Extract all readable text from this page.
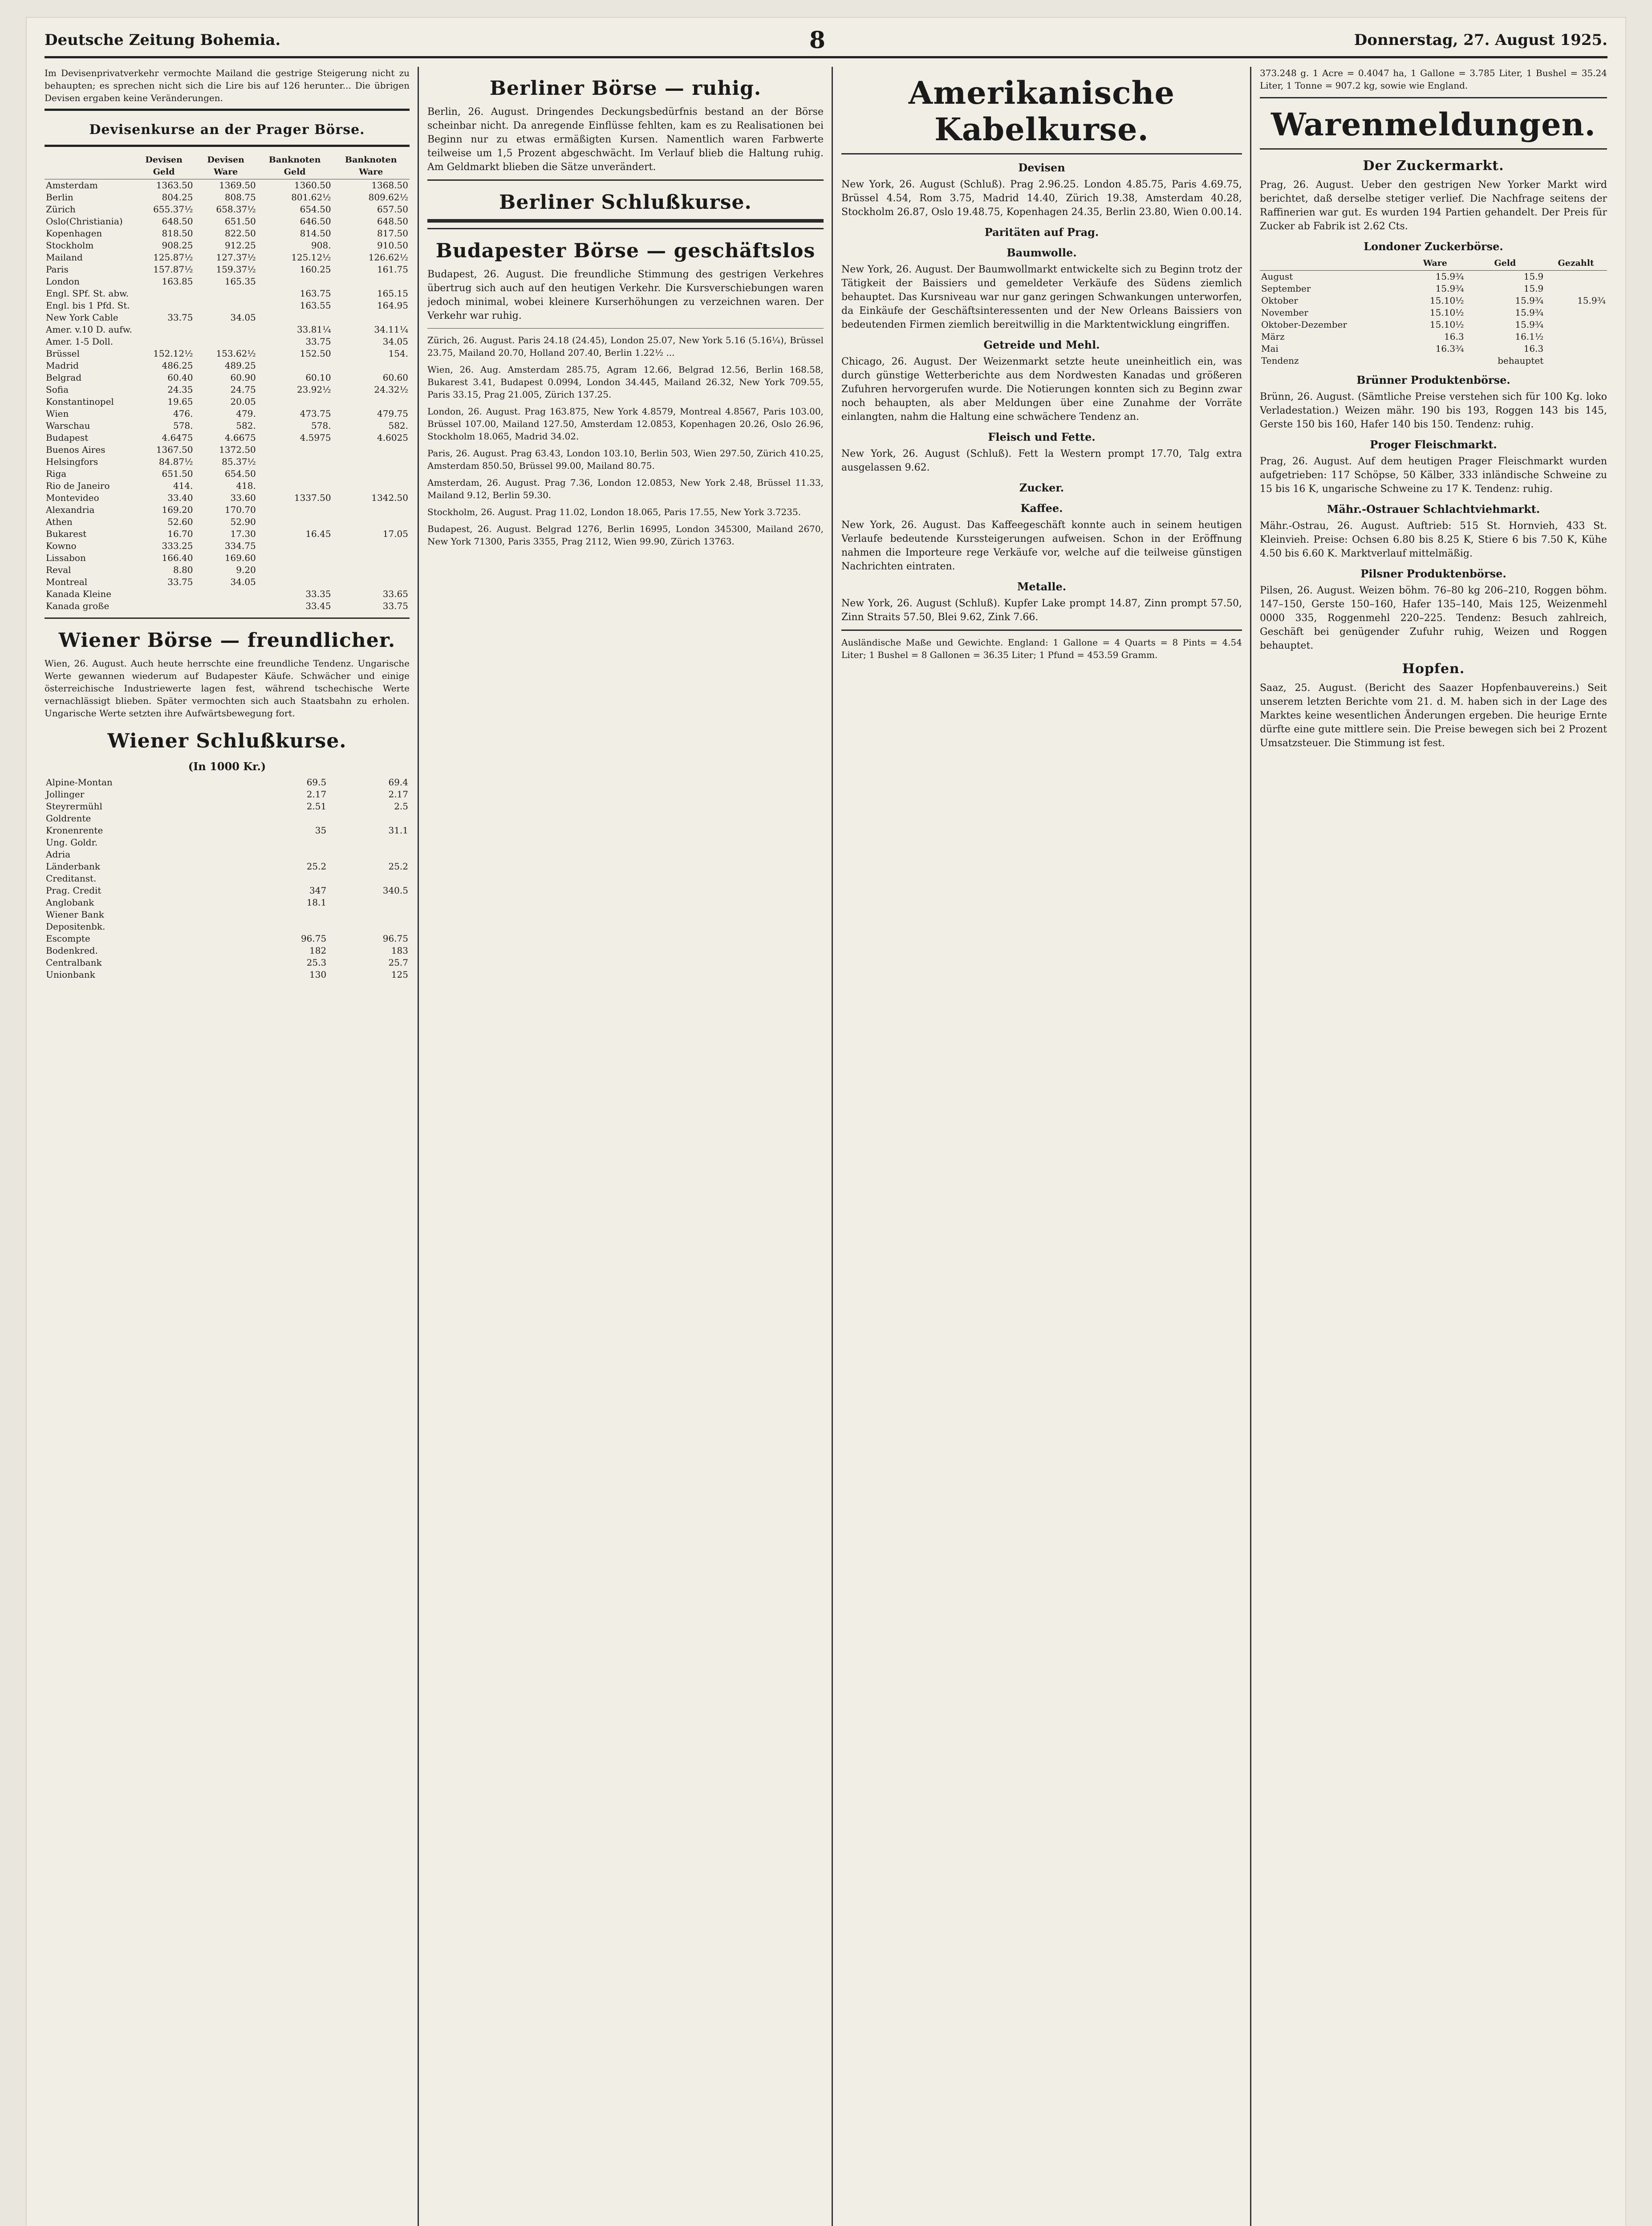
Deutsche Zeitung Bohemia.	8	Donnerstag, 27. August 1925.

Im Devisenprivatverkehr vermochte Mailand die gestrige Steigerung nicht zu behaupten; es sprechen nicht sich die Lire bis auf 126 herunter... Die übrigen Devisen ergaben keine Veränderungen.

Devisenkurse an der Prager Börse.
	Devisen Geld	Devisen Ware	Banknoten Geld	Banknoten Ware
Amsterdam	1363.50	1369.50	1360.50	1368.50
Berlin	804.25	808.75	801.62½	809.62½
Zürich	655.37½	658.37½	654.50	657.50
Oslo(Christiania)	648.50	651.50	646.50	648.50
Kopenhagen	818.50	822.50	814.50	817.50
Stockholm	908.25	912.25	908.	910.50
Mailand	125.87½	127.37½	125.12½	126.62½
Paris	157.87½	159.37½	160.25	161.75
London	163.85	165.35		
Engl. SPf. St. abw.			163.75	165.15
Engl. bis 1 Pfd. St.			163.55	164.95
New York Cable	33.75	34.05		
Amer. v.10 D. aufw.			33.81¼	34.11¼
Amer. 1-5 Doll.			33.75	34.05
Brüssel	152.12½	153.62½	152.50	154.
Madrid	486.25	489.25		
Belgrad	60.40	60.90	60.10	60.60
Sofia	24.35	24.75	23.92½	24.32½
Konstantinopel	19.65	20.05		
Wien	476.	479.	473.75	479.75
Warschau	578.	582.	578.	582.
Budapest	4.6475	4.6675	4.5975	4.6025
Buenos Aires	1367.50	1372.50		
Helsingfors	84.87½	85.37½		
Riga	651.50	654.50		
Rio de Janeiro	414.	418.		
Montevideo	33.40	33.60	1337.50	1342.50
Alexandria	169.20	170.70		
Athen	52.60	52.90		
Bukarest	16.70	17.30	16.45	17.05
Kowno	333.25	334.75		
Lissabon	166.40	169.60		
Reval	8.80	9.20		
Montreal	33.75	34.05		
Kanada Kleine			33.35	33.65
Kanada große			33.45	33.75
Wiener Börse — freundlicher.

Wien, 26. August. Auch heute herrschte eine freundliche Tendenz. Ungarische Werte gewannen wiederum auf Budapester Käufe. Schwächer und einige österreichische Industriewerte lagen fest, während tschechische Werte vernachlässigt blieben. Später vermochten sich auch Staatsbahn zu erholen. Ungarische Werte setzten ihre Aufwärtsbewegung fort.

Wiener Schlußkurse.
(In 1000 Kr.)
Alpine-Montan	69.5	69.4
Jollinger	2.17	2.17
Steyrermühl	2.51	2.5
Goldrente		
Kronenrente	35	31.1
Ung. Goldr.		
Adria		
Länderbank	25.2	25.2
Creditanst.		
Prag. Credit	347	340.5
Anglobank	18.1	
Wiener Bank		
Depositenbk.		
Escompte	96.75	96.75
Bodenkred.	182	183
Centralbank	25.3	25.7
Unionbank	130	125
Berliner Börse — ruhig.

Berlin, 26. August. Dringendes Deckungsbedürfnis bestand an der Börse scheinbar nicht. Da anregende Einflüsse fehlten, kam es zu Realisationen bei Beginn nur zu etwas ermäßigten Kursen. Namentlich waren Farbwerte teilweise um 1,5 Prozent abgeschwächt. Im Verlauf blieb die Haltung ruhig. Am Geldmarkt blieben die Sätze unverändert.

Berliner Schlußkurse.
Budapester Börse — geschäftslos

Budapest, 26. August. Die freundliche Stimmung des gestrigen Verkehres übertrug sich auch auf den heutigen Verkehr. Die Kursverschiebungen waren jedoch minimal, wobei kleinere Kurserhöhungen zu verzeichnen waren. Der Verkehr war ruhig.

Zürich, 26. August. Paris 24.18 (24.45), London 25.07, New York 5.16 (5.16¼), Brüssel 23.75, Mailand 20.70, Holland 207.40, Berlin 1.22½ ...

Wien, 26. Aug. Amsterdam 285.75, Agram 12.66, Belgrad 12.56, Berlin 168.58, Bukarest 3.41, Budapest 0.0994, London 34.445, Mailand 26.32, New York 709.55, Paris 33.15, Prag 21.005, Zürich 137.25.

London, 26. August. Prag 163.875, New York 4.8579, Montreal 4.8567, Paris 103.00, Brüssel 107.00, Mailand 127.50, Amsterdam 12.0853, Kopenhagen 20.26, Oslo 26.96, Stockholm 18.065, Madrid 34.02.

Paris, 26. August. Prag 63.43, London 103.10, Berlin 503, Wien 297.50, Zürich 410.25, Amsterdam 850.50, Brüssel 99.00, Mailand 80.75.

Amsterdam, 26. August. Prag 7.36, London 12.0853, New York 2.48, Brüssel 11.33, Mailand 9.12, Berlin 59.30.

Stockholm, 26. August. Prag 11.02, London 18.065, Paris 17.55, New York 3.7235.

Budapest, 26. August. Belgrad 1276, Berlin 16995, London 345300, Mailand 2670, New York 71300, Paris 3355, Prag 2112, Wien 99.90, Zürich 13763.

Amerikanische Kabelkurse.
Devisen

New York, 26. August (Schluß). Prag 2.96.25. London 4.85.75, Paris 4.69.75, Brüssel 4.54, Rom 3.75, Madrid 14.40, Zürich 19.38, Amsterdam 40.28, Stockholm 26.87, Oslo 19.48.75, Kopenhagen 24.35, Berlin 23.80, Wien 0.00.14.

Paritäten auf Prag.
Baumwolle.

New York, 26. August. Der Baumwollmarkt entwickelte sich zu Beginn trotz der Tätigkeit der Baissiers und gemeldeter Verkäufe des Südens ziemlich behauptet. Das Kursniveau war nur ganz geringen Schwankungen unterworfen, da Einkäufe der Geschäftsinteressenten und der New Orleans Baissiers von bedeutenden Firmen ziemlich bereitwillig in die Marktentwicklung eingriffen.

Getreide und Mehl.

Chicago, 26. August. Der Weizenmarkt setzte heute uneinheitlich ein, was durch günstige Wetterberichte aus dem Nordwesten Kanadas und größeren Zufuhren hervorgerufen wurde. Die Notierungen konnten sich zu Beginn zwar noch behaupten, als aber Meldungen über eine Zunahme der Vorräte einlangten, nahm die Haltung eine schwächere Tendenz an.

Fleisch und Fette.

New York, 26. August (Schluß). Fett la Western prompt 17.70, Talg extra ausgelassen 9.62.

Zucker.
Kaffee.

New York, 26. August. Das Kaffeegeschäft konnte auch in seinem heutigen Verlaufe bedeutende Kurssteigerungen aufweisen. Schon in der Eröffnung nahmen die Importeure rege Verkäufe vor, welche auf die teilweise günstigen Nachrichten eintraten.

Metalle.

New York, 26. August (Schluß). Kupfer Lake prompt 14.87, Zinn prompt 57.50, Zinn Straits 57.50, Blei 9.62, Zink 7.66.

Ausländische Maße und Gewichte. England: 1 Gallone = 4 Quarts = 8 Pints = 4.54 Liter; 1 Bushel = 8 Gallonen = 36.35 Liter; 1 Pfund = 453.59 Gramm.

373.248 g. 1 Acre = 0.4047 ha, 1 Gallone = 3.785 Liter, 1 Bushel = 35.24 Liter, 1 Tonne = 907.2 kg, sowie wie England.

Warenmeldungen.
Der Zuckermarkt.

Prag, 26. August. Ueber den gestrigen New Yorker Markt wird berichtet, daß derselbe stetiger verlief. Die Nachfrage seitens der Raffinerien war gut. Es wurden 194 Partien gehandelt. Der Preis für Zucker ab Fabrik ist 2.62 Cts.

Londoner Zuckerbörse.
	Ware	Geld	Gezahlt
August	15.9¾	15.9	
September	15.9¾	15.9	
Oktober	15.10½	15.9¾	15.9¾
November	15.10½	15.9¾	
Oktober-Dezember	15.10½	15.9¾	
März	16.3	16.1½	
Mai	16.3¾	16.3	
Tendenz		behauptet	
Brünner Produktenbörse.

Brünn, 26. August. (Sämtliche Preise verstehen sich für 100 Kg. loko Verladestation.) Weizen mähr. 190 bis 193, Roggen 143 bis 145, Gerste 150 bis 160, Hafer 140 bis 150. Tendenz: ruhig.

Proger Fleischmarkt.

Prag, 26. August. Auf dem heutigen Prager Fleischmarkt wurden aufgetrieben: 117 Schöpse, 50 Kälber, 333 inländische Schweine zu 15 bis 16 K, ungarische Schweine zu 17 K. Tendenz: ruhig.

Mähr.-Ostrauer Schlachtviehmarkt.

Mähr.-Ostrau, 26. August. Auftrieb: 515 St. Hornvieh, 433 St. Kleinvieh. Preise: Ochsen 6.80 bis 8.25 K, Stiere 6 bis 7.50 K, Kühe 4.50 bis 6.60 K. Marktverlauf mittelmäßig.

Pilsner Produktenbörse.

Pilsen, 26. August. Weizen böhm. 76–80 kg 206–210, Roggen böhm. 147–150, Gerste 150–160, Hafer 135–140, Mais 125, Weizenmehl 0000 335, Roggenmehl 220–225. Tendenz: Besuch zahlreich, Geschäft bei genügender Zufuhr ruhig, Weizen und Roggen behauptet.

Hopfen.

Saaz, 25. August. (Bericht des Saazer Hopfenbauvereins.) Seit unserem letzten Berichte vom 21. d. M. haben sich in der Lage des Marktes keine wesentlichen Änderungen ergeben. Die heurige Ernte dürfte eine gute mittlere sein. Die Preise bewegen sich bei 2 Prozent Umsatzsteuer. Die Stimmung ist fest.
